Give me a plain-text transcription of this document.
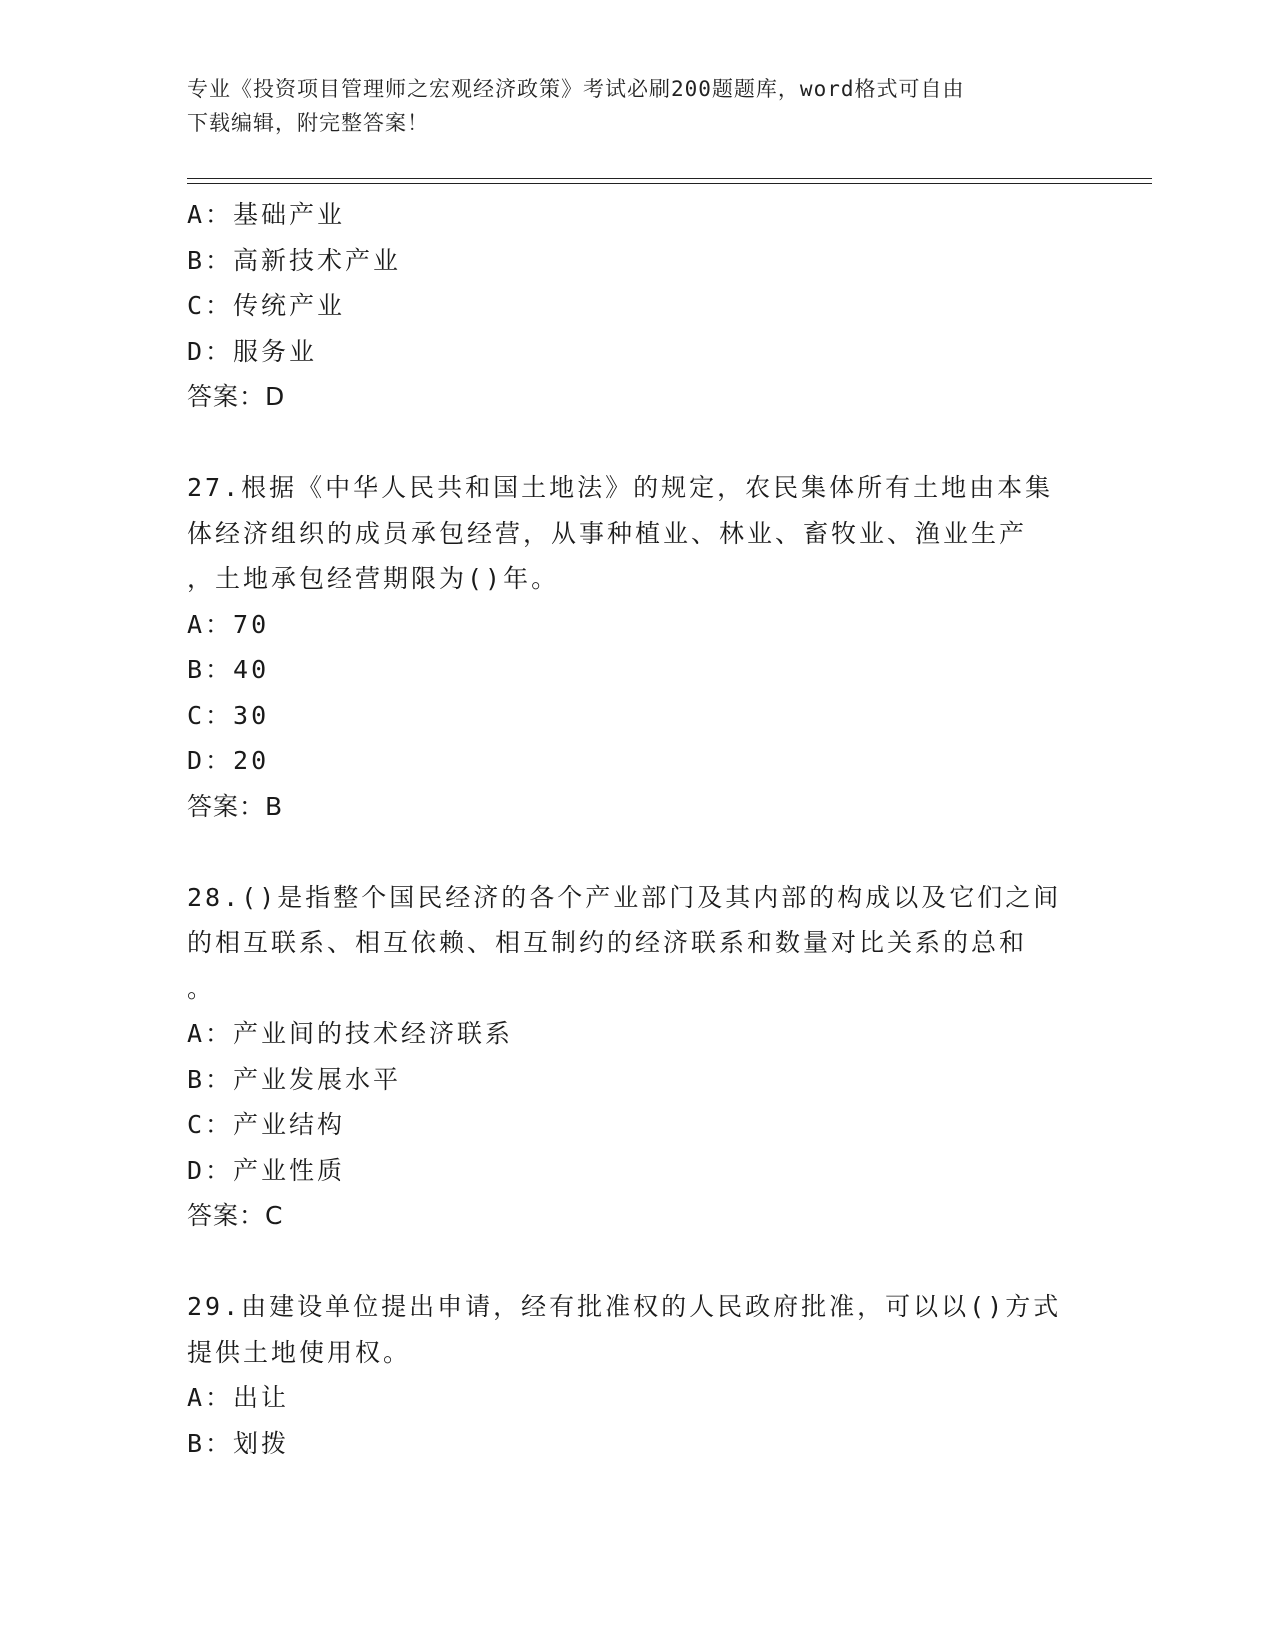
专业《投资项目管理师之宏观经济政策》考试必刷200题题库，word格式可自由
下载编辑，附完整答案！
A：基础产业
B：高新技术产业
C：传统产业
D：服务业
答案：D
27.根据《中华人民共和国土地法》的规定，农民集体所有土地由本集
体经济组织的成员承包经营，从事种植业、林业、畜牧业、渔业生产
，土地承包经营期限为()年。
A：70
B：40
C：30
D：20
答案：B
28.()是指整个国民经济的各个产业部门及其内部的构成以及它们之间
的相互联系、相互依赖、相互制约的经济联系和数量对比关系的总和
。
A：产业间的技术经济联系
B：产业发展水平
C：产业结构
D：产业性质
答案：C
29.由建设单位提出申请，经有批准权的人民政府批准，可以以()方式
提供土地使用权。
A：出让
B：划拨
